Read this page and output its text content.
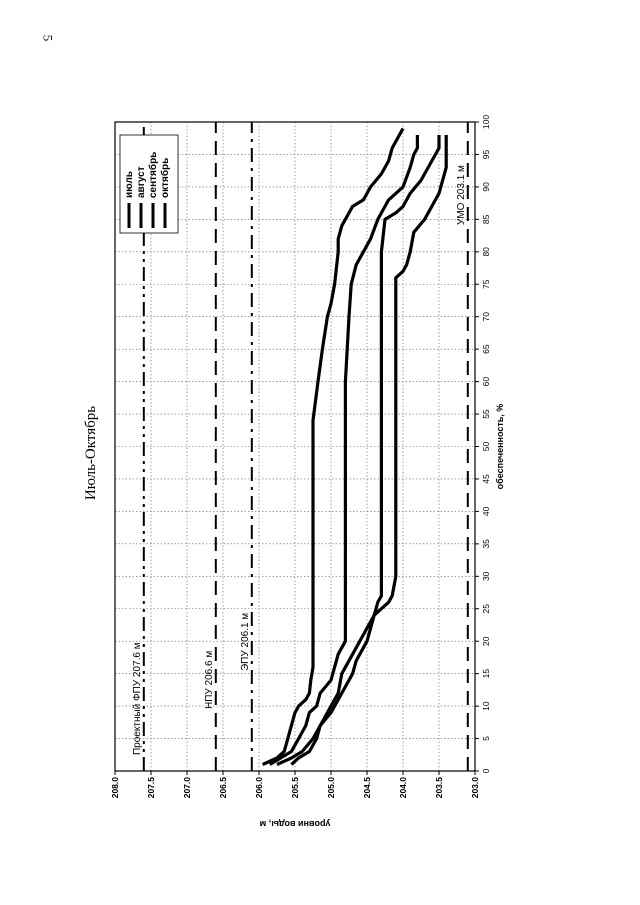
5
Проектный ФПУ 207.6 м	НПУ 206.6 м
ЭПУ 206.1 м
УМО 203.1 м
0
5
10
15
20
25
30
35
40
45
50
55
60
65
70
75
80
85
90
95
100
203.0
203.5
204.0
204.5
205.0
205.5
206.0
206.5
207.0
207.5
208.0
июль август сентябрь октябрь
обеспеченность, %
уровни воды, м
Июль-Октябрь
